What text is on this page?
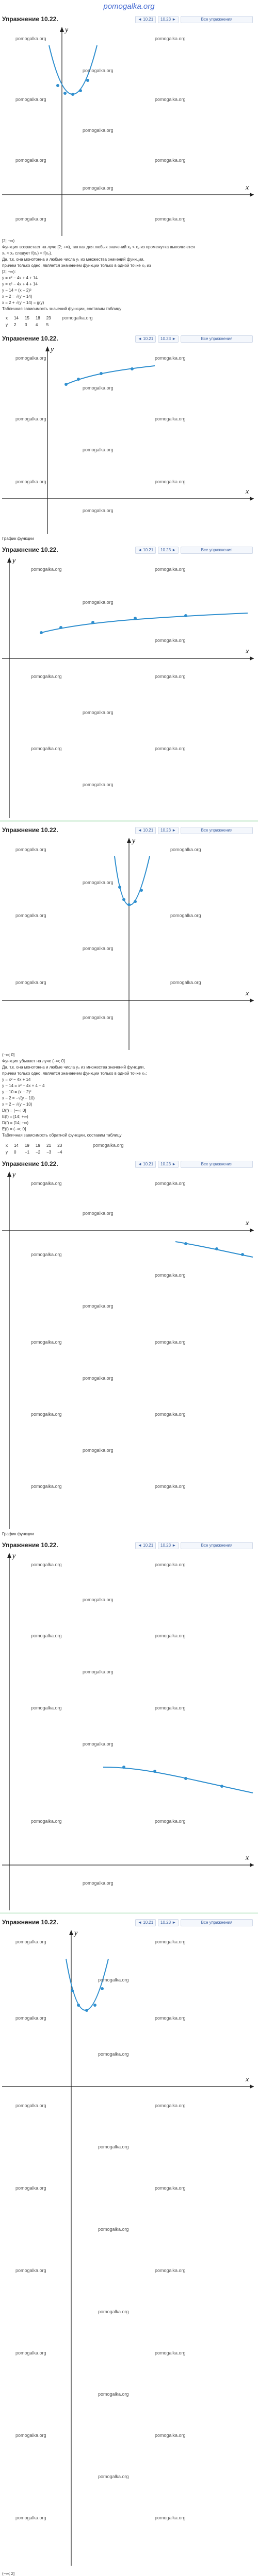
pomogalka.org
Упражнение 10.22.	◄ 10.21	10.23 ►	Все упражнения
x
y
pomogalka.org	pomogalka.org
pomogalka.org
pomogalka.org	pomogalka.org
pomogalka.org
pomogalka.org	pomogalka.org
pomogalka.org
pomogalka.org	pomogalka.org
[2; +∞)
Функция возрастает на луче [2; +∞), так как для любых значений x₁ < x₂ из промежутка выполняется
x₁ < x₂ следует f(x₁) < f(x₂).
Да, т.к. она монотонна и любые числа y₁ из множества значений функции,
причем только одно, является значением функции только в одной точке x₀ из
[2; +∞):
y = x² − 4x + 4 + 14
y = x² − 4x + 4 + 14
y − 14 = (x − 2)²
x − 2 = √(y − 14)
x = 2 + √(y − 14) = g(y)
Табличная зависимость значений функции, составим таблицу
x	14	15	18	23
y	2	3	4	5
pomogalka.org
Упражнение 10.22.	◄ 10.21	10.23 ►	Все упражнения
x
y
pomogalka.org	pomogalka.org
pomogalka.org
pomogalka.org	pomogalka.org
pomogalka.org
pomogalka.org	pomogalka.org
pomogalka.org
График функции
Упражнение 10.22.	◄ 10.21	10.23 ►	Все упражнения
x
y
pomogalka.org	pomogalka.org
pomogalka.org
pomogalka.org
pomogalka.org	pomogalka.org
pomogalka.org
pomogalka.org	pomogalka.org
pomogalka.org
Упражнение 10.22.	◄ 10.21	10.23 ►	Все упражнения
x
y
pomogalka.org	pomogalka.org
pomogalka.org
pomogalka.org	pomogalka.org
pomogalka.org
pomogalka.org	pomogalka.org
pomogalka.org
(−∞; 0]
Функция убывает на луче (−∞; 0]
Да, т.к. она монотонна и любые числа y₀ из множества значений функции,
причем только одно, является значением функции только в одной точке x₀:
y = x² − 4x + 14
y − 14 = x² − 4x + 4 − 4
y − 10 = (x − 2)²
x − 2 = −√(y − 10)
x = 2 − √(y − 10)
D(f) = (−∞; 0]
E(f) = [14; +∞)
D(f) = [14; +∞)
E(f) = (−∞; 0]
Табличная зависимость обратной функции, составим таблицу
x	14	19	19	21	23
y	0	−1	−2	−3	−4
pomogalka.org
Упражнение 10.22.	◄ 10.21	10.23 ►	Все упражнения
x
y
pomogalka.org	pomogalka.org
pomogalka.org
pomogalka.org
pomogalka.org
pomogalka.org
pomogalka.org	pomogalka.org
pomogalka.org
pomogalka.org	pomogalka.org
pomogalka.org
pomogalka.org	pomogalka.org
График функции
Упражнение 10.22.	◄ 10.21	10.23 ►	Все упражнения
x
y
pomogalka.org	pomogalka.org
pomogalka.org
pomogalka.org	pomogalka.org
pomogalka.org
pomogalka.org	pomogalka.org
pomogalka.org
pomogalka.org	pomogalka.org
pomogalka.org
Упражнение 10.22.	◄ 10.21	10.23 ►	Все упражнения
x
y
pomogalka.org	pomogalka.org
pomogalka.org
pomogalka.org	pomogalka.org
pomogalka.org
pomogalka.org	pomogalka.org
pomogalka.org
pomogalka.org	pomogalka.org
pomogalka.org
pomogalka.org	pomogalka.org
pomogalka.org
pomogalka.org	pomogalka.org
pomogalka.org
pomogalka.org	pomogalka.org
pomogalka.org
pomogalka.org	pomogalka.org
(−∞; 2]
